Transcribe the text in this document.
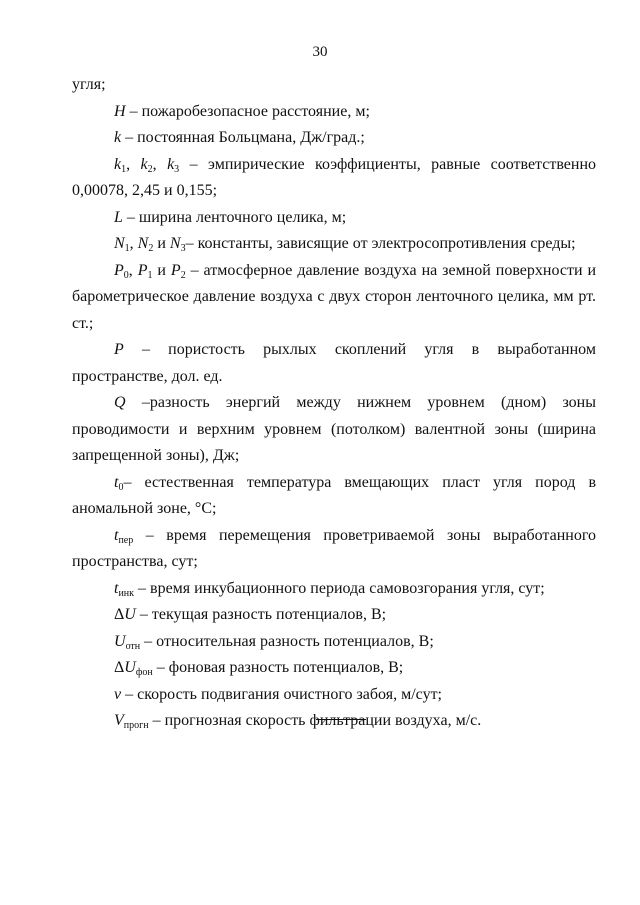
30

угля;

H – пожаробезопасное расстояние, м;

k – постоянная Больцмана, Дж/град.;

$k_1$, $k_2$, $k_3$ – эмпирические коэффициенты, равные соответственно 0,00078, 2,45 и 0,155;

L – ширина ленточного целика, м;

$N_1$, $N_2$ и $N_3-$ константы, зависящие от электросопротивления среды;

$P_0$, $P_1$ и $P_2$ – атмосферное давление воздуха на земной поверхности и барометрическое давление воздуха с двух сторон ленточного целика, мм рт. ст.;

P – пористость рыхлых скоплений угля в выработанном пространстве, дол. ед.

Q –разность энергий между нижнем уровнем (дном) зоны проводимости и верхним уровнем (потолком) валентной зоны (ширина запрещенной зоны), Дж;

$t_0-$ естественная температура вмещающих пласт угля пород в аномальной зоне, °С;

$t_{пер}$ – время перемещения проветриваемой зоны выработанного пространства, сут;

$t_{инк}$ – время инкубационного периода самовозгорания угля, сут;

ΔU – текущая разность потенциалов, В;

$U_{отн}$ – относительная разность потенциалов, В;

$\Delta U_{фон}$ – фоновая разность потенциалов, В;

v – скорость подвигания очистного забоя, м/сут;

$V_{прогн}$ – прогнозная скорость фильтрации воздуха, м/с.
